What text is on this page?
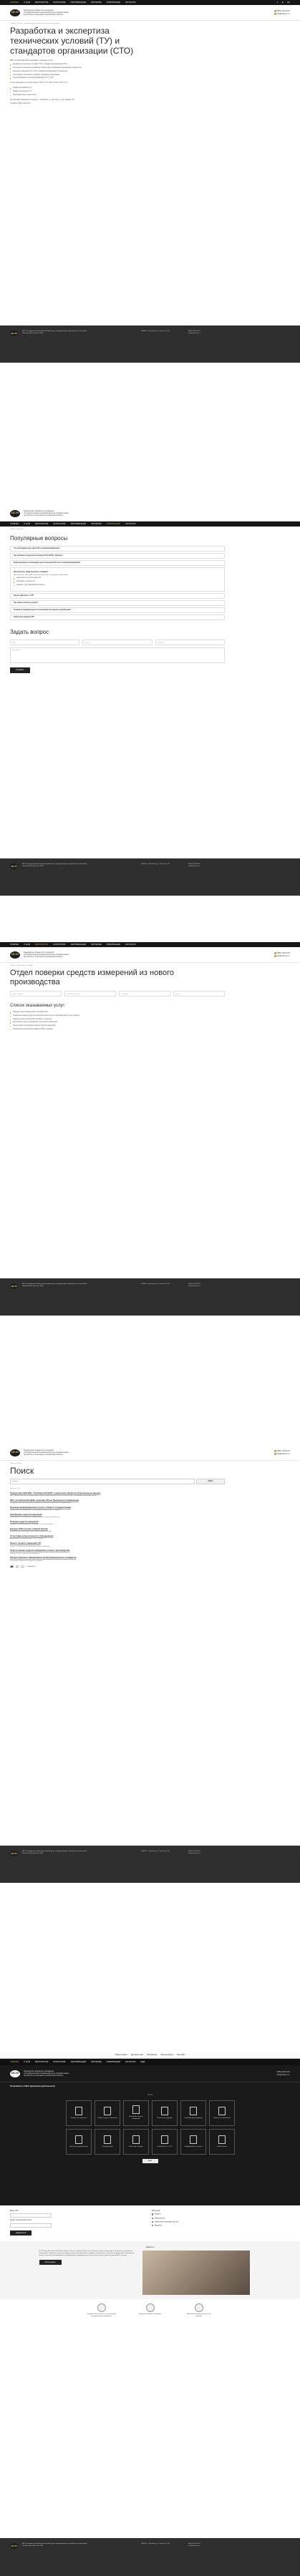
ГЛАВНАЯ	О ЦСМ	МЕТРОЛОГИЯ	ИСПЫТАНИЯ	СЕРТИФИКАЦИЯ	ОБУЧЕНИЕ	ИНФОРМАЦИЯ	КОНТАКТЫ	⚲ ☻ RU
ЦСМ
Федеральное бюджетное учреждение
«Государственный региональный центр стандартизации,
метрологии и испытаний в Челябинской области»
8(351) 232-04-01
info@chelcsm.ru
Главная / Услуги / Сертификация / Разработка технических условий
Разработка и экспертиза технических условий (ТУ) и стандартов организации (СТО)

ФБУ «Челябинский ЦСМ» оказывает следующие услуги:

разработка технических условий (ТУ) и стандартов организации (СТО);
экспертиза технических условий на соответствие требованиям нормативных документов;
внесение изменений в ТУ и СТО, разработка извещений об изменении;
регистрация технических условий и стандартов организации;
консультирование по вопросам разработки ТУ и СТО.

Услуги оказываются в соответствии с ГОСТ Р 1.5, ГОСТ 2.114 и ГОСТ Р 1.4.

Заявка на разработку ТУ
Заявка на экспертизу ТУ
Примерный пакет документов

По вопросам обращаться по адресу: г. Челябинск, ул. Энгельса, д. 101, кабинет 301.

Телефон: 8(351) 232-04-01

ЦСМ
ФБУ «Государственный региональный центр стандартизации, метрологии и испытаний в Челябинской области», 2024
454048, г. Челябинск, ул. Энгельса, 101	8(351) 232-04-01
info@chelcsm.ru
ЦСМ
Федеральное бюджетное учреждение
«Государственный региональный центр стандартизации,
метрологии и испытаний в Челябинской области»
ГЛАВНАЯ	О ЦСМ	МЕТРОЛОГИЯ	ИСПЫТАНИЯ	СЕРТИФИКАЦИЯ	ОБУЧЕНИЕ	ИНФОРМАЦИЯ	КОНТАКТЫ
Главная / Вопросы
Популярные вопросы
Что необходимо для сдачи СИ в поверку/калибровку?	⌄
Где проверить результаты поверки СИ в ФГИС «Аршин»?	⌄
Какие документы необходимы для получения СИ после поверки/калибровки?	⌄
Как получить свидетельство о поверке?

Для получения СИ из ФБУ «Челябинский ЦСМ» необходимо предоставить:

доверенность на получение СИ;
квитанцию о приеме СИ;
документ, удостоверяющий личность.
Как вы работаете с СИ?	⌄
Где можно оплатить услуги?	⌄
В какой последовательности выполняются поверка и калибровка?	⌄
Какой срок поверки СИ?	⌄
Задать вопрос
ФИО	E-mail	Телефон
Ваш вопрос
Отправить
ЦСМ
ФБУ «Государственный региональный центр стандартизации, метрологии и испытаний в Челябинской области», 2024
454048, г. Челябинск, ул. Энгельса, 101	8(351) 232-04-01
info@chelcsm.ru
ГЛАВНАЯ	О ЦСМ	МЕТРОЛОГИЯ	ИСПЫТАНИЯ	СЕРТИФИКАЦИЯ	ОБУЧЕНИЕ	ИНФОРМАЦИЯ	КОНТАКТЫ
ЦСМ
Федеральное бюджетное учреждение
«Государственный региональный центр стандартизации,
метрологии и испытаний в Челябинской области»
8(351) 232-04-01
info@chelcsm.ru
Главная / Метрология / Отделы
Отдел поверки средств измерений из нового производства
Отдел поверки	Начальник отдела	Телефон	E-mail
Список оказываемых услуг:
Поверка средств измерений из производства;
Первичная поверка средств измерений при выпуске из производства и после ремонта;
Поверка средств измерений, ввозимых по импорту;
Испытания в целях утверждения типа средств измерений;
Консультации по вопросам поверки средств измерений;
Оформление результатов поверки в ФГИС «Аршин».
ЦСМ
ФБУ «Государственный региональный центр стандартизации, метрологии и испытаний в Челябинской области», 2024
454048, г. Челябинск, ул. Энгельса, 101	8(351) 232-04-01
info@chelcsm.ru
ЦСМ
Федеральное бюджетное учреждение
«Государственный региональный центр стандартизации,
метрологии и испытаний в Челябинской области»
8(351) 232-04-01
info@chelcsm.ru
Главная / Поиск
Поиск
поверка	Найти
Найдено: 124
Поверочная ООО ФБУ "Челябинский ЦСМ" в уральском обработке Персональных данных
ФБУ «Челябинский ЦСМ» осуществляет обработку персональных данных в соответствии с требованиями законодательства.
ФБУ «Челябинский ЦСМ» проводит Юные Прокуроров конференции
В конференции приняли участие специалисты в области метрологии и стандартизации.
Оказание информационных услуг в области стандартизации
Предоставление информации о действующих национальных стандартах.
Калибровка средств измерений
Калибровка СИ, не входящих в сферу государственного регулирования.
Поверка средств измерений
Поверка СИ в лабораториях и с выездом на объект заказчика.
Конкурс ООО лучших товаров России
Региональный этап конкурса «100 лучших товаров России».
Аттестация испытательного оборудования
Аттестация ИО в соответствии с ГОСТ Р 8.568.
Ремонт средств измерений СИ
Ремонт и техническое обслуживание средств измерений.
Отдел поверки средств измерений из нового производства
Поверка СИ при выпуске из производства.
Распространение официальных копий национальных стандартов
Реализация официальных изданий стандартов.
1	2	3	Следующая
ЦСМ
ФБУ «Государственный региональный центр стандартизации, метрологии и испытаний в Челябинской области», 2024
454048, г. Челябинск, ул. Энгельса, 101	8(351) 232-04-01
info@chelcsm.ru
Размер шрифта Цветовая схема Изображения Обычная версия Настройки
ГЛАВНАЯ	О ЦСМ	МЕТРОЛОГИЯ	ИСПЫТАНИЯ	СЕРТИФИКАЦИЯ	ОБУЧЕНИЕ	ИНФОРМАЦИЯ	КОНТАКТЫ	ЕЩЁ
ЦСМ
Федеральное бюджетное учреждение
«Государственный региональный центр стандартизации,
метрологии и испытаний в Челябинской области»
8(351) 232-04-01
info@chelcsm.ru
Уполномочен с 1912 года (начало деятельности)
Услуги
Электронная приемная	Поверка средств измерений
Калибровка средств измерений
Испытания продукции	Сертификация продукции	Обучение специалистов
Экспертиза документации	Стандартизация	Аттестация методик	Разработка ТУ и СТО	Информационные услуги	Прочие услуги
Ещё
Ваше имя
Адрес электронной почты
Подписаться
Рассылка
Новости
Мероприятия
Изменения в законодательстве
Вакансии
Новости
В 2023 году Челябинский ЦСМ расширил область аккредитации в части поверки средств измерений. Специалисты учреждения продолжают совершенствовать методики выполнения измерений и внедрять современное эталонное оборудование. Руководство центра отметило высокий уровень квалификации сотрудников и их вклад в обеспечение единства измерений в регионе.
Читать далее
Федеральное агентство по техническому регулированию и метрологии
Федеральный фонд стандартов	Министерство промышленности и торговли
ЦСМ
ФБУ «Государственный региональный центр стандартизации, метрологии и испытаний в Челябинской области», 2024
454048, г. Челябинск, ул. Энгельса, 101	8(351) 232-04-01
info@chelcsm.ru
